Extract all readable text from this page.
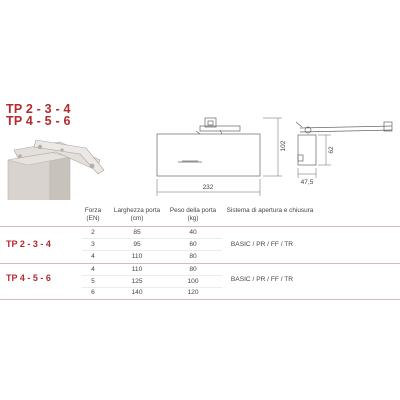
TP 2 - 3 - 4
TP 4 - 5 - 6
232
102	62
47,5
Forza
(EN)
Larghezza porta
(cm)
Peso della porta
(kg)
Sistema di apertura e chiusura
TP 2 - 3 - 4	BASIC / PR / FF / TR
2	85	40
3	95	60
4	110	80
TP 4 - 5 - 6	BASIC / PR / FF / TR
4	110	80
5	125	100
6	140	120
